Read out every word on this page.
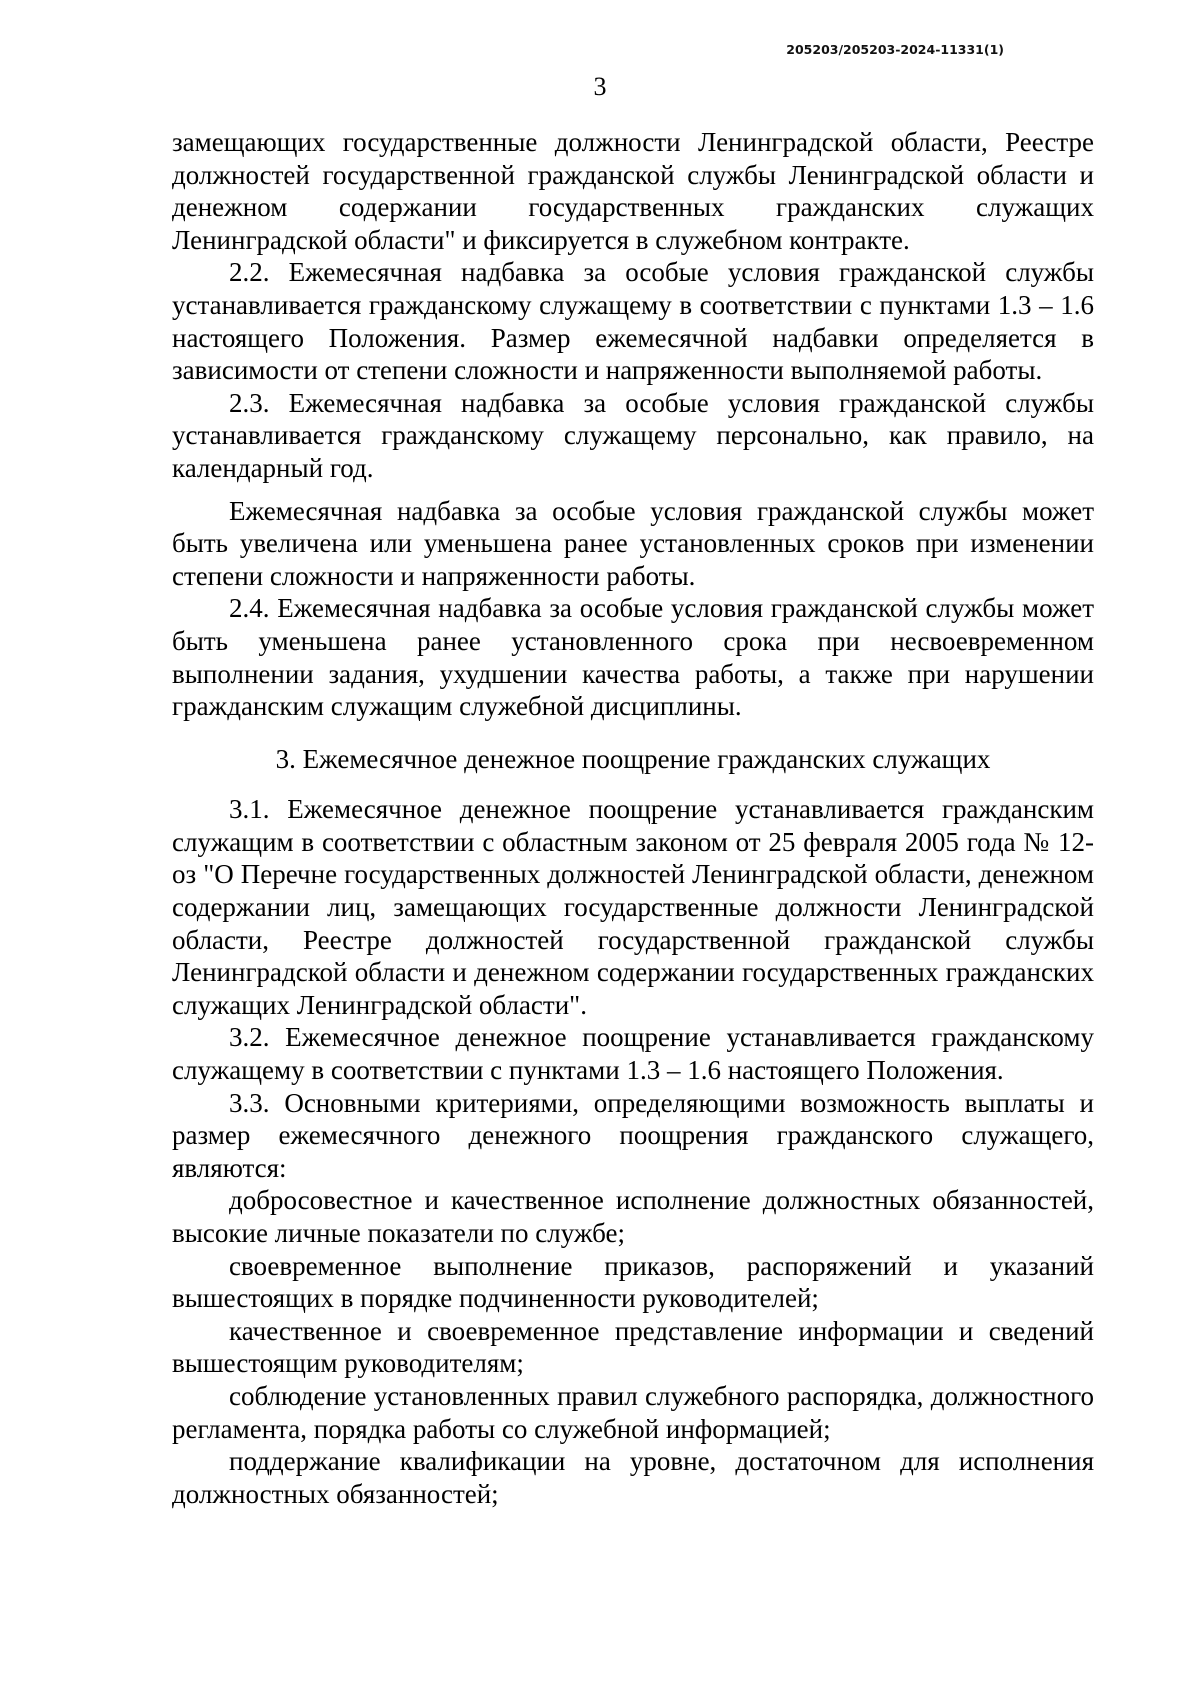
205203/205203-2024-11331(1)
3

замещающих государственные должности Ленинградской области, Реестре должностей государственной гражданской службы Ленинградской области и денежном содержании государственных гражданских служащих Ленинградской области" и фиксируется в служебном контракте.

2.2. Ежемесячная надбавка за особые условия гражданской службы устанавливается гражданскому служащему в соответствии с пунктами 1.3 – 1.6 настоящего Положения. Размер ежемесячной надбавки определяется в зависимости от степени сложности и напряженности выполняемой работы.

2.3. Ежемесячная надбавка за особые условия гражданской службы устанавливается гражданскому служащему персонально, как правило, на календарный год.

Ежемесячная надбавка за особые условия гражданской службы может быть увеличена или уменьшена ранее установленных сроков при изменении степени сложности и напряженности работы.

2.4. Ежемесячная надбавка за особые условия гражданской службы может быть уменьшена ранее установленного срока при несвоевременном выполнении задания, ухудшении качества работы, а также при нарушении гражданским служащим служебной дисциплины.

3. Ежемесячное денежное поощрение гражданских служащих

3.1. Ежемесячное денежное поощрение устанавливается гражданским служащим в соответствии с областным законом от 25 февраля 2005 года № 12-оз "О Перечне государственных должностей Ленинградской области, денежном содержании лиц, замещающих государственные должности Ленинградской области, Реестре должностей государственной гражданской службы Ленинградской области и денежном содержании государственных гражданских служащих Ленинградской области".

3.2. Ежемесячное денежное поощрение устанавливается гражданскому служащему в соответствии с пунктами 1.3 – 1.6 настоящего Положения.

3.3. Основными критериями, определяющими возможность выплаты и размер ежемесячного денежного поощрения гражданского служащего, являются:

добросовестное и качественное исполнение должностных обязанностей, высокие личные показатели по службе;

своевременное выполнение приказов, распоряжений и указаний вышестоящих в порядке подчиненности руководителей;

качественное и своевременное представление информации и сведений вышестоящим руководителям;

соблюдение установленных правил служебного распорядка, должностного регламента, порядка работы со служебной информацией;

поддержание квалификации на уровне, достаточном для исполнения должностных обязанностей;
